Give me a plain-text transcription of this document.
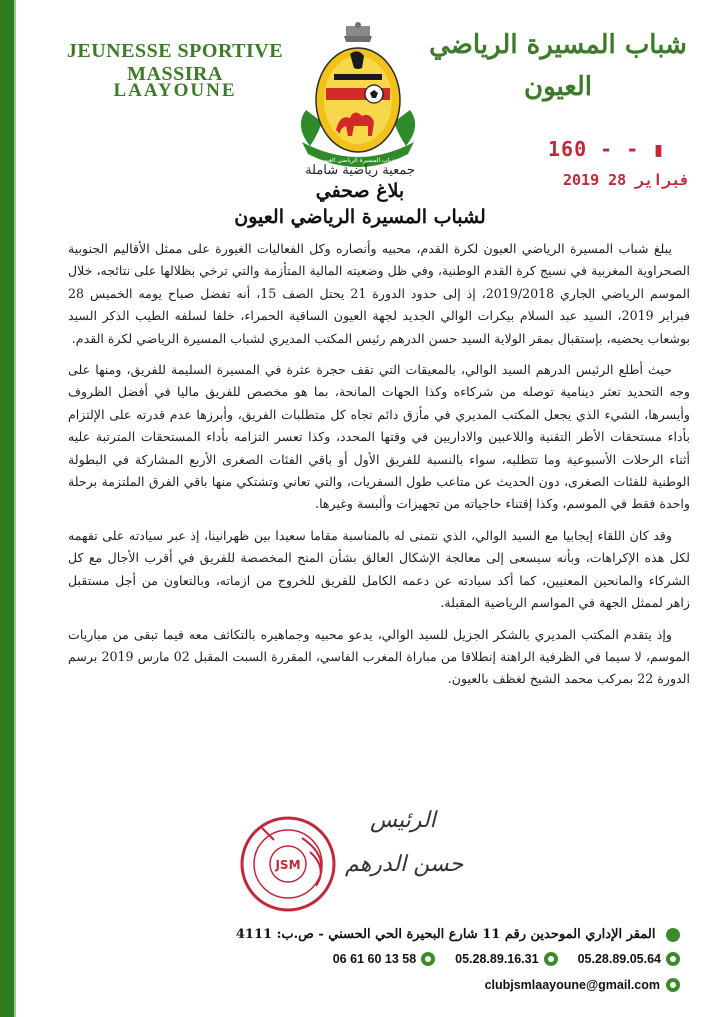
JEUNESSE SPORTIVE MASSIRA
LAAYOUNE
شباب المسيرة الرياضي
العيون
شباب المسيرة الرياضي العيون
جمعية رياضية شاملة
160 - - ▮
2019 فبراير 28
بلاغ صحفي
لشباب المسيرة الرياضي العيون

يبلغ شباب المسيرة الرياضي العيون لكرة القدم، محبيه وأنصاره وكل الفعاليات الغيورة على ممثل الأقاليم الجنوبية الصحراوية المغربية في نسيج كرة القدم الوطنية، وفي ظل وضعيته المالية المتأزمة والتي ترخي بظلالها على نتائجه، خلال الموسم الرياضي الجاري 2019/2018، إذ إلى حدود الدورة 21 يحتل الصف 15، أنه تفضل صباح يومه الخميس 28 فبراير 2019، السيد عبد السلام بيكرات الوالي الجديد لجهة العيون الساقية الحمراء، خلفا لسلفه الطيب الذكر السيد بوشعاب يحضيه، بإستقبال بمقر الولاية السيد حسن الدرهم رئيس المكتب المديري لشباب المسيرة الرياضي لكرة القدم.

حيث أطلع الرئيس الدرهم السيد الوالي، بالمعيقات التي تقف حجرة عثرة في المسيرة السليمة للفريق، ومنها على وجه التحديد تعثر دينامية توصله من شركاءه وكذا الجهات المانحة، بما هو مخصص للفريق ماليا في أفضل الظروف وأيسرها، الشيء الذي يجعل المكتب المديري في مأزق دائم تجاه كل متطلبات الفريق، وأبرزها عدم قدرته على الإلتزام بأداء مستحقات الأطر التقنية واللاعبين والاداريين في وقتها المحدد، وكذا تعسر التزامه بأداء المستحقات المترتبة عليه أثناء الرحلات الأسبوعية وما تتطلبه، سواء بالنسبة للفريق الأول أو باقي الفئات الصغرى الأربع المشاركة في البطولة الوطنية للفئات الصغرى، دون الحديث عن متاعب طول السفريات، والتي تعاني وتشتكي منها باقي الفرق الملتزمة برحلة واحدة فقط في الموسم، وكذا إقتناء حاجياته من تجهيزات وألبسة وغيرها.

وقد كان اللقاء إيجابيا مع السيد الوالي، الذي نتمنى له بالمناسبة مقاما سعيدا بين ظهرانينا، إذ عبر سيادته على تفهمه لكل هذه الإكراهات، وبأنه سيسعى إلى معالجة الإشكال العالق بشأن المنح المخصصة للفريق في أقرب الأجال مع كل الشركاء والمانحين المعنيين، كما أكد سيادته عن دعمه الكامل للفريق للخروج من ازماته، وبالتعاون من أجل مستقبل زاهر لممثل الجهة في المواسم الرياضية المقبلة.

وإذ يتقدم المكتب المديري بالشكر الجزيل للسيد الوالي، يدعو محبيه وجماهيره بالتكاثف معه فيما تبقى من مباريات الموسم، لا سيما في الظرفية الراهنة إنطلاقا من مباراة المغرب الفاسي، المقررة السبت المقبل 02 مارس 2019 برسم الدورة 22 بمركب محمد الشيخ لغظف بالعيون.

JSM
الرئيس
حسن الدرهم
المقر الإداري الموحدين رقم 11 شارع البحيرة الحي الحسني - ص.ب: 4111
06 61 60 13 58	05.28.89.16.31	05.28.89.05.64
clubjsmlaayoune@gmail.com
